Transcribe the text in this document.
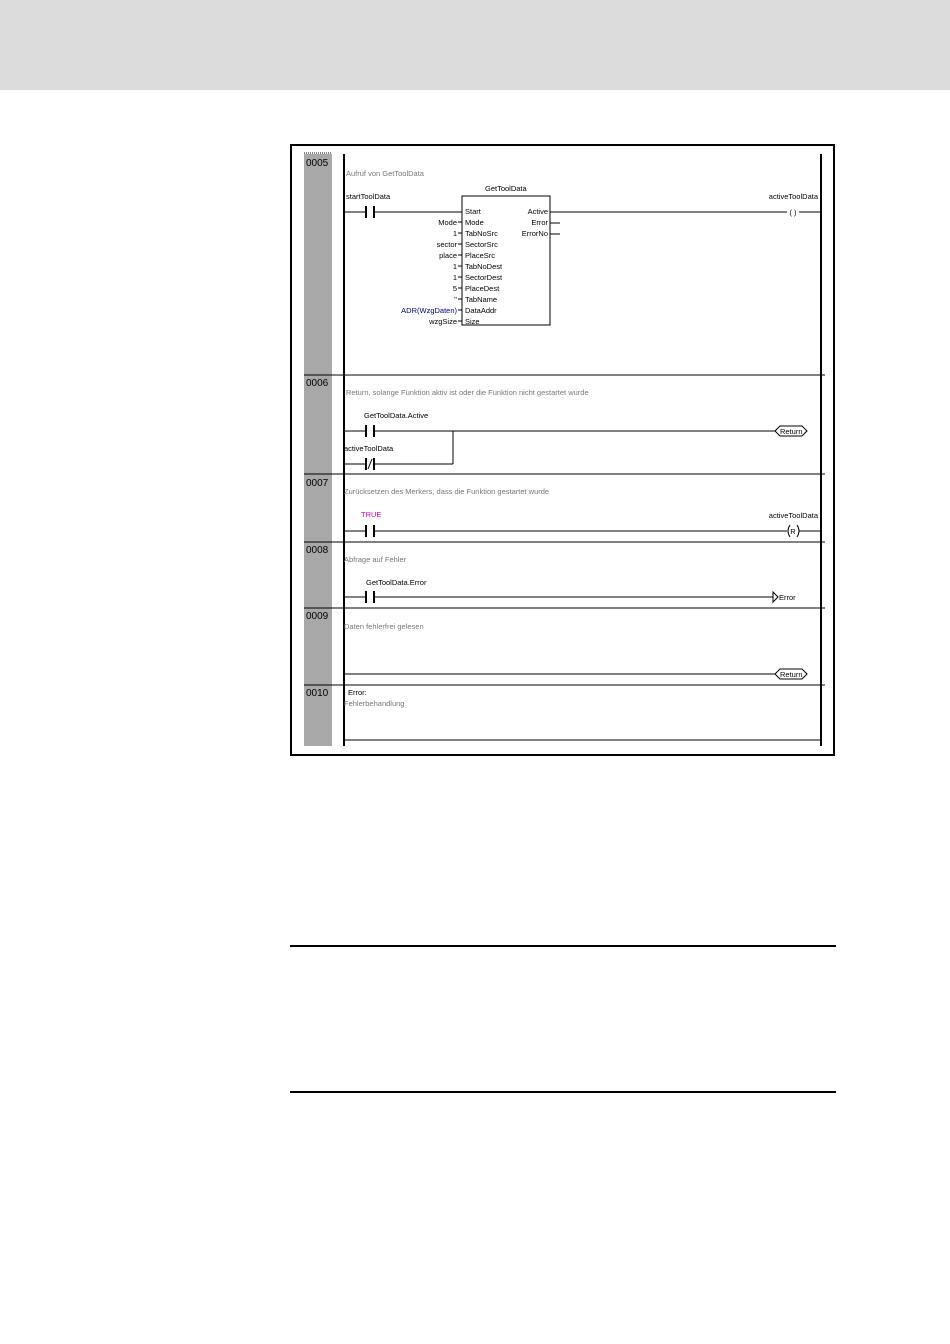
0005
0006
0007
0008
0009
0010
Aufruf von GetToolData
startToolData
GetToolData
Start
Mode
TabNoSrc
SectorSrc
PlaceSrc
TabNoDest
SectorDest
PlaceDest
TabName
DataAddr
Size
Mode
1
sector
place
1
1
5
''
ADR(WzgDaten)
wzgSize
Active
Error
ErrorNo
activeToolData
( )
Return, solange Funktion aktiv ist oder die Funktion nicht gestartet wurde
GetToolData.Active
activeToolData
Return
Zurücksetzen des Merkers, dass die Funktion gestartet wurde
TRUE	activeToolData
R
Abfrage auf Fehler
GetToolData.Error
Error
Daten fehlerfrei gelesen
Return
Error:
Fehlerbehandlung
